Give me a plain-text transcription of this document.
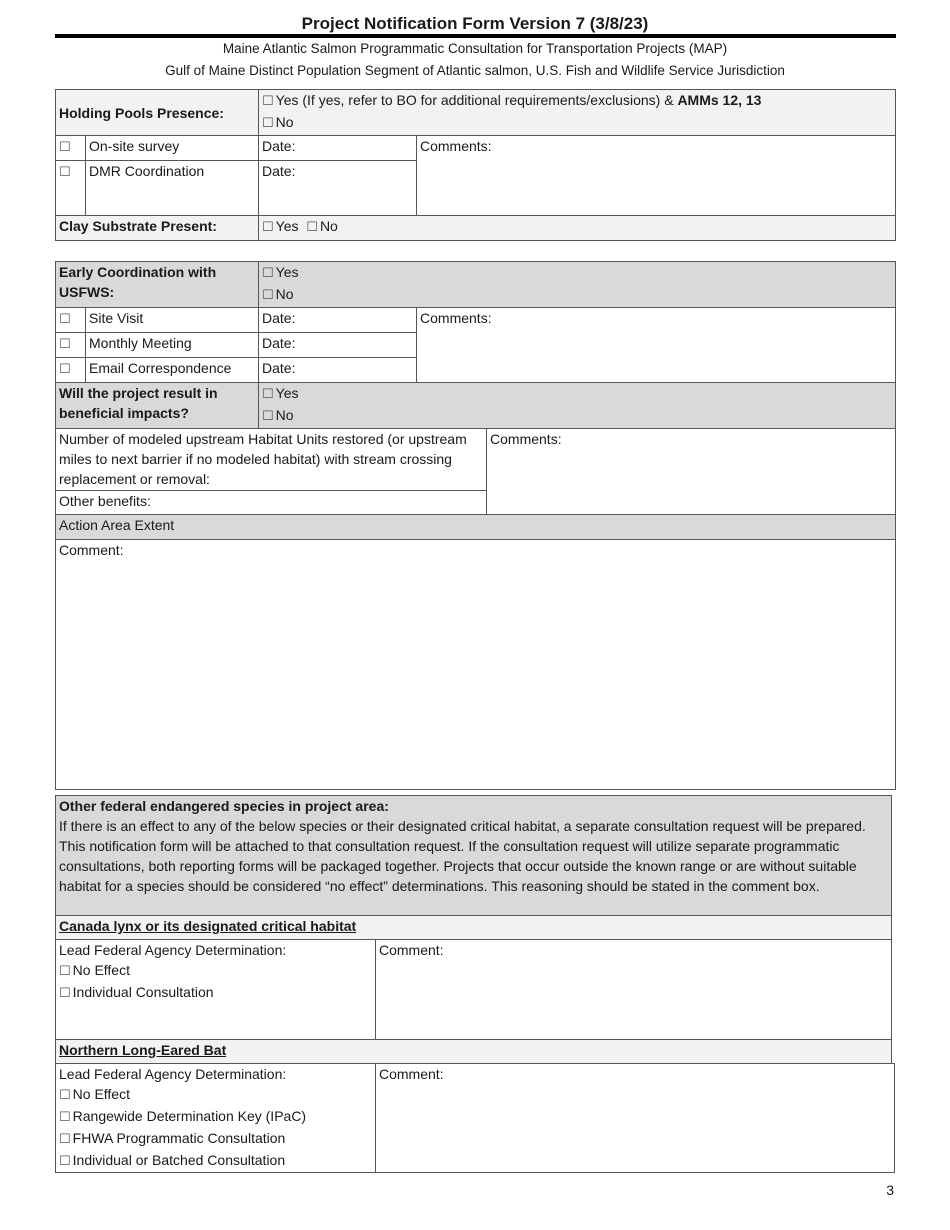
Project Notification Form Version 7 (3/8/23)
Maine Atlantic Salmon Programmatic Consultation for Transportation Projects (MAP)
Gulf of Maine Distinct Population Segment of Atlantic salmon, U.S. Fish and Wildlife Service Jurisdiction
Holding Pools Presence:		☐ Yes (If yes, refer to BO for additional requirements/exclusions) & AMMs 12, 13
☐ No	

☐	On-site survey	Date:	Comments:
☐	DMR Coordination	Date:	
Clay Substrate Present:		☐ Yes ☐ No	
Early Coordination with USFWS:		☐ Yes
☐ No		

☐	Site Visit	Date:	Comments:	
☐	Monthly Meeting	Date:		
☐	Email Correspondence	Date:		
Will the project result in beneficial impacts?		☐ Yes
☐ No		

Number of modeled upstream Habitat Units restored (or upstream miles to next barrier if no modeled habitat) with stream crossing replacement or removal:				Comments:
Other benefits:				
Action Area Extent				
Comment:				
Other federal endangered species in project area:
If there is an effect to any of the below species or their designated critical habitat, a separate consultation request will be prepared. This notification form will be attached to that consultation request. If the consultation request will utilize separate programmatic consultations, both reporting forms will be packaged together. Projects that occur outside the known range or are without suitable habitat for a species should be considered “no effect” determinations. This reasoning should be stated in the comment box.

Canada lynx or its designated critical habitat

Lead Federal Agency Determination:
☐ No Effect
☐ Individual Consultation
	Comment:
Northern Long-Eared Bat
Lead Federal Agency Determination:
☐ No Effect
☐ Rangewide Determination Key (IPaC)
☐ FHWA Programmatic Consultation
☐ Individual or Batched Consultation
	Comment:
3
